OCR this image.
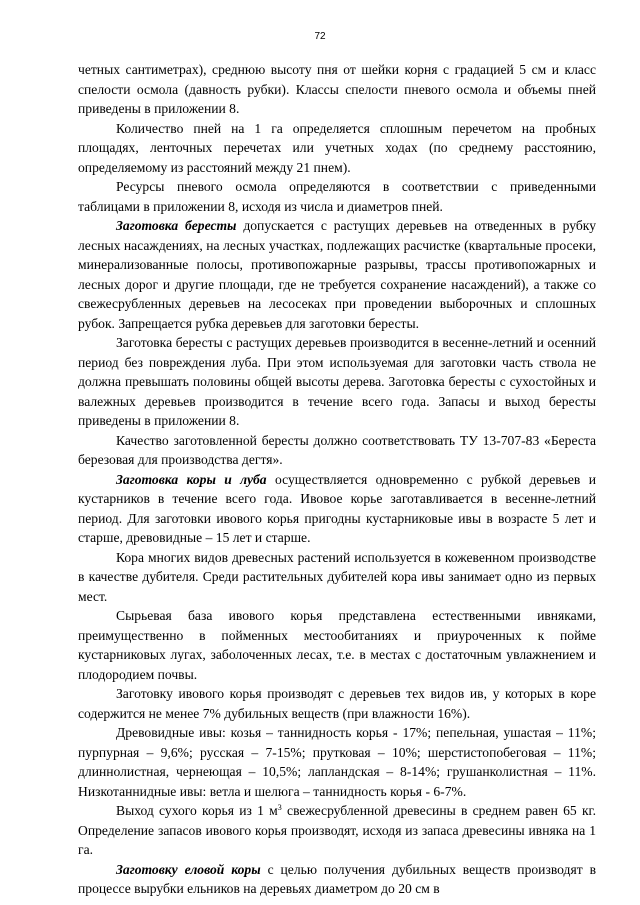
72

четных сантиметрах), среднюю высоту пня от шейки корня с градацией 5 см и класс спелости осмола (давность рубки). Классы спелости пневого осмола и объемы пней приведены в приложении 8.

Количество пней на 1 га определяется сплошным перечетом на пробных площадях, ленточных перечетах или учетных ходах (по среднему расстоянию, определяемому из расстояний между 21 пнем).

Ресурсы пневого осмола определяются в соответствии с приведенными таблицами в приложении 8, исходя из числа и диаметров пней.

Заготовка бересты допускается с растущих деревьев на отведенных в рубку лесных насаждениях, на лесных участках, подлежащих расчистке (квартальные просеки, минерализованные полосы, противопожарные разрывы, трассы противопожарных и лесных дорог и другие площади, где не требуется сохранение насаждений), а также со свежесрубленных деревьев на лесосеках при проведении выборочных и сплошных рубок. Запрещается рубка деревьев для заготовки бересты.

Заготовка бересты с растущих деревьев производится в весенне-летний и осенний период без повреждения луба. При этом используемая для заготовки часть ствола не должна превышать половины общей высоты дерева. Заготовка бересты с сухостойных и валежных деревьев производится в течение всего года. Запасы и выход бересты приведены в приложении 8.

Качество заготовленной бересты должно соответствовать ТУ 13-707-83 «Береста березовая для производства дегтя».

Заготовка коры и луба осуществляется одновременно с рубкой деревьев и кустарников в течение всего года. Ивовое корье заготавливается в весенне-летний период. Для заготовки ивового корья пригодны кустарниковые ивы в возрасте 5 лет и старше, древовидные – 15 лет и старше.

Кора многих видов древесных растений используется в кожевенном производстве в качестве дубителя. Среди растительных дубителей кора ивы занимает одно из первых мест.

Сырьевая база ивового корья представлена естественными ивняками, преимущественно в пойменных местообитаниях и приуроченных к пойме кустарниковых лугах, заболоченных лесах, т.е. в местах с достаточным увлажнением и плодородием почвы.

Заготовку ивового корья производят с деревьев тех видов ив, у которых в коре содержится не менее 7% дубильных веществ (при влажности 16%).

Древовидные ивы: козья – таннидность корья - 17%; пепельная, ушастая – 11%; пурпурная – 9,6%; русская – 7-15%; прутковая – 10%; шерстистопобеговая – 11%; длиннолистная, чернеющая – 10,5%; лапландская – 8-14%; грушанколистная – 11%. Низкотаннидные ивы: ветла и шелюга – таннидность корья - 6-7%.

Выход сухого корья из 1 $м^3$ свежесрубленной древесины в среднем равен 65 кг. Определение запасов ивового корья производят, исходя из запаса древесины ивняка на 1 га.

Заготовку еловой коры с целью получения дубильных веществ производят в процессе вырубки ельников на деревьях диаметром до 20 см в
